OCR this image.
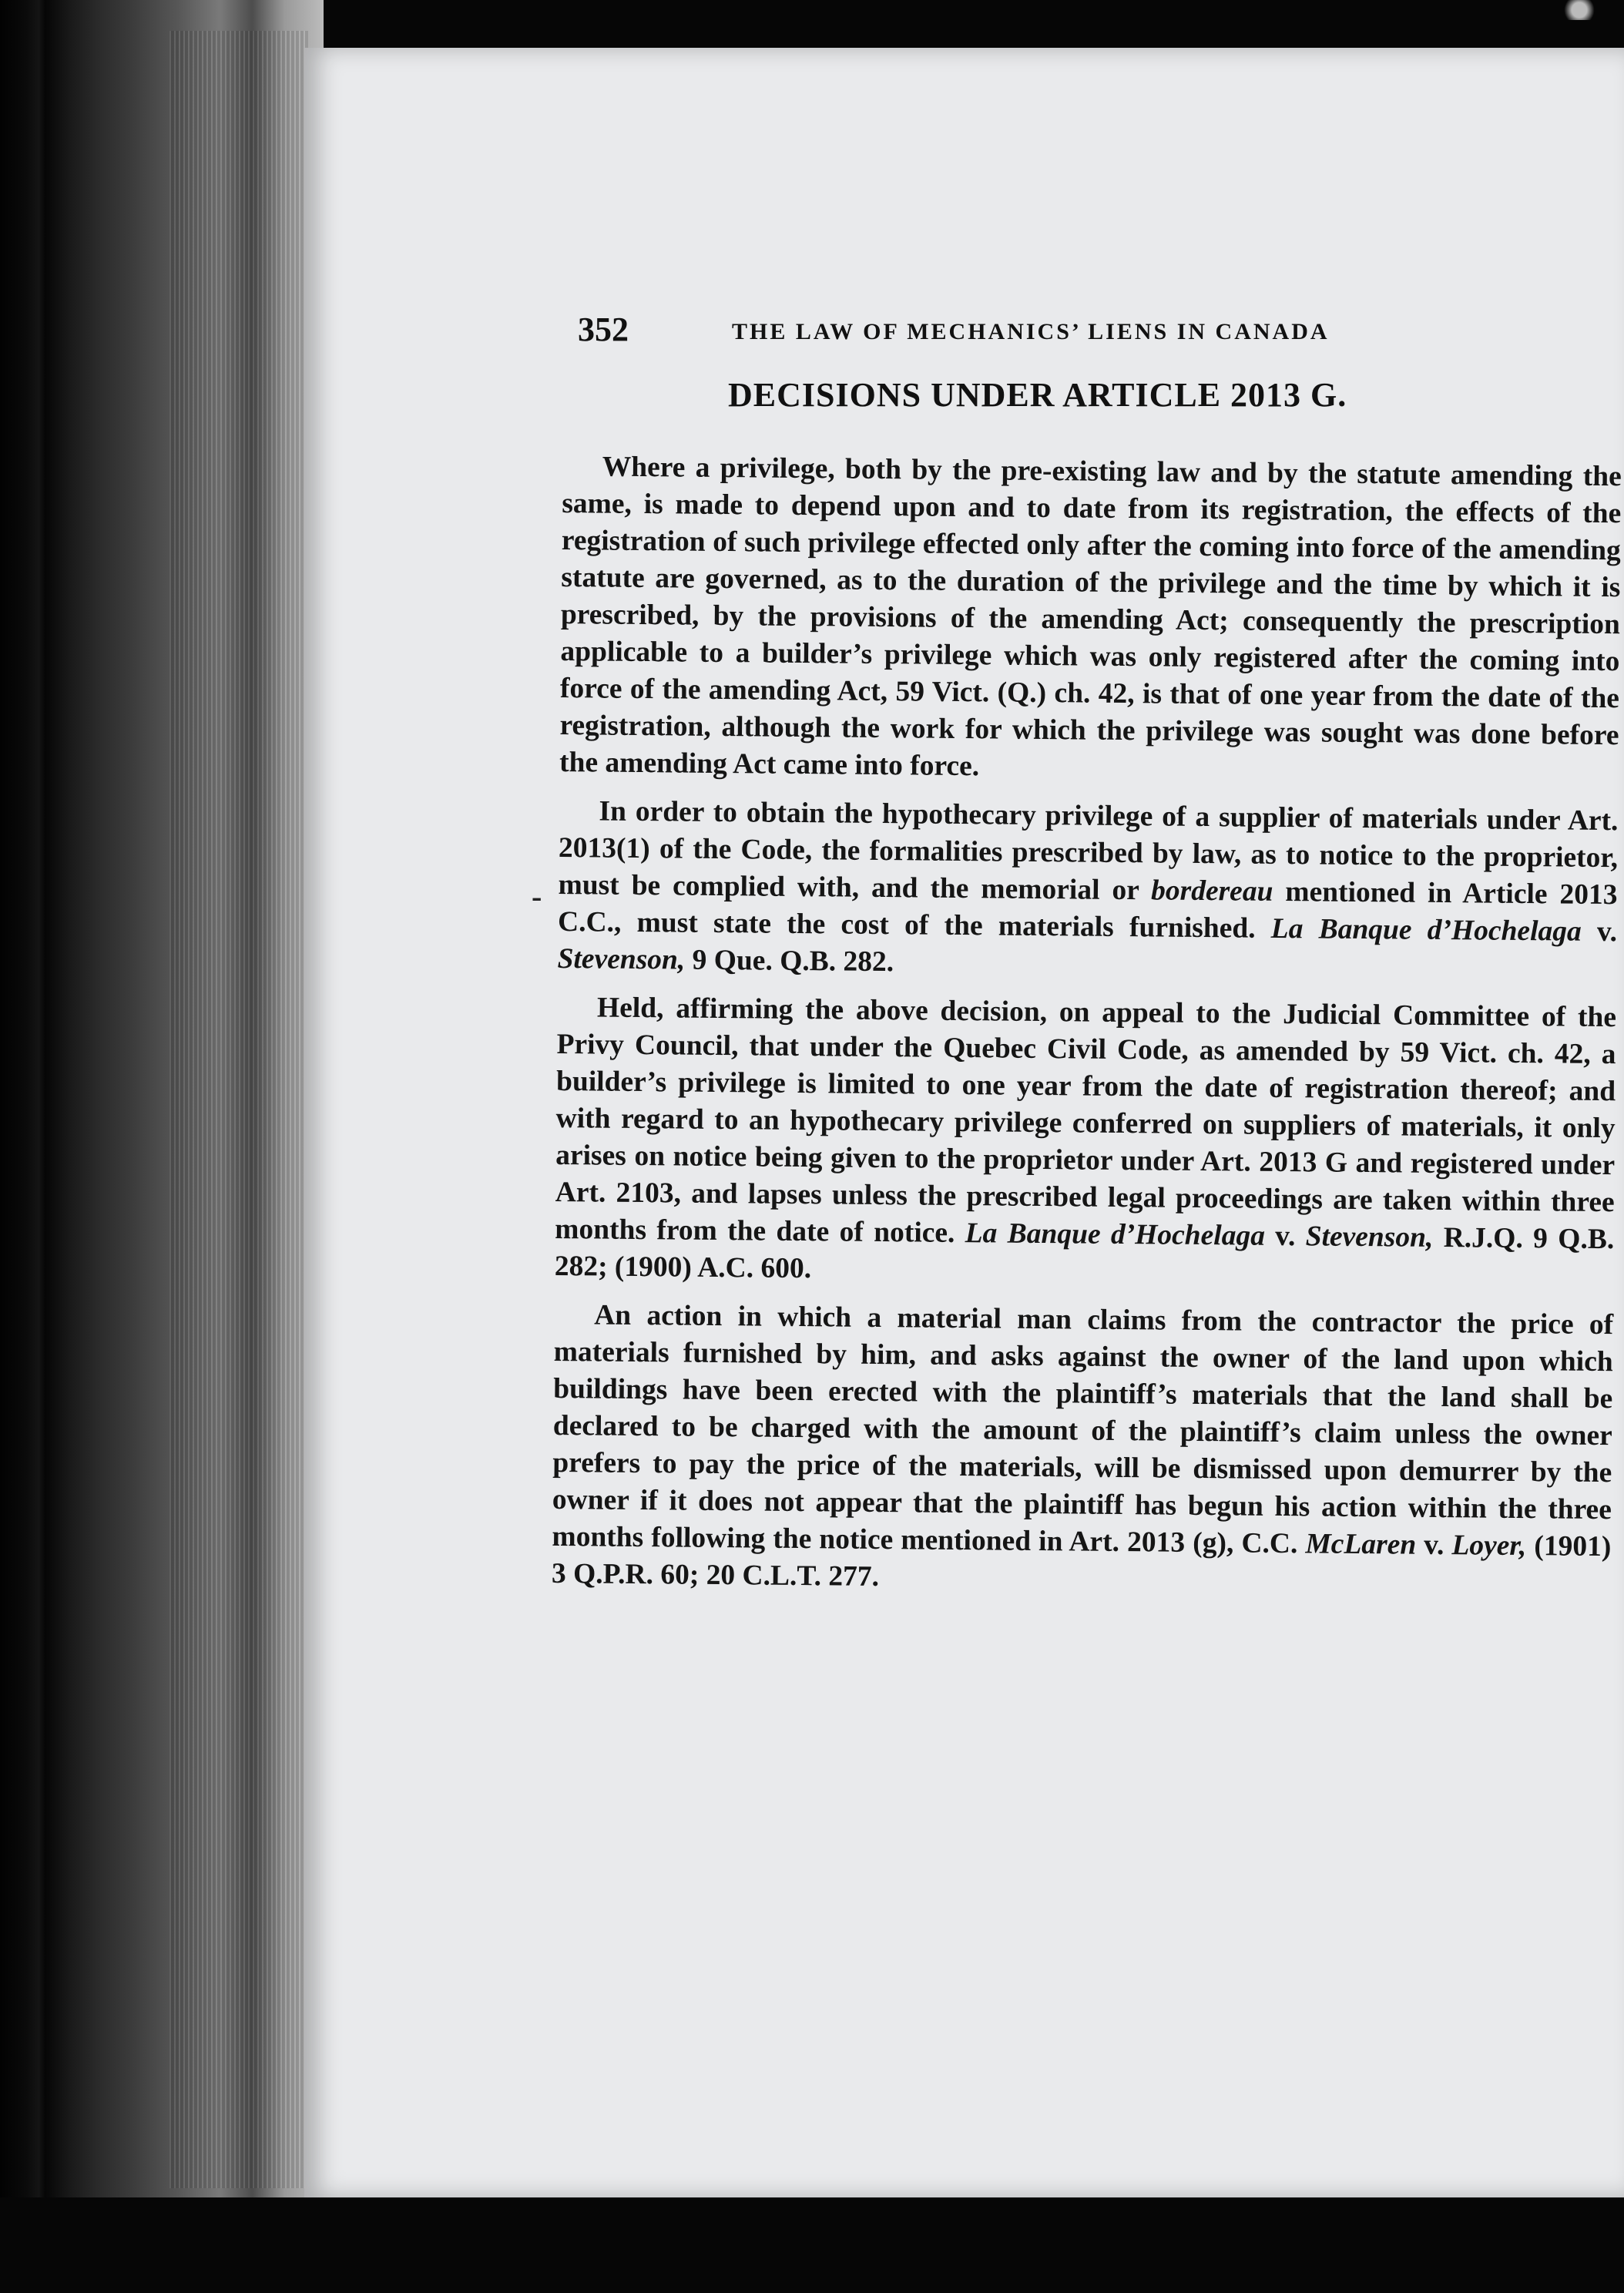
352	THE LAW OF MECHANICS’ LIENS IN CANADA
DECISIONS UNDER ARTICLE 2013 G.

Where a privilege, both by the pre-existing law and by the statute amending the same, is made to depend upon and to date from its registration, the effects of the registration of such privilege effected only after the coming into force of the amending statute are governed, as to the duration of the privilege and the time by which it is prescribed, by the provisions of the amending Act; consequently the prescription applicable to a builder’s privilege which was only registered after the coming into force of the amending Act, 59 Vict. (Q.) ch. 42, is that of one year from the date of the registration, although the work for which the privilege was sought was done before the amending Act came into force.

In order to obtain the hypothecary privilege of a supplier of materials under Art. 2013(1) of the Code, the formalities prescribed by law, as to notice to the proprietor, must be complied with, and the memorial or bordereau mentioned in Article 2013 C.C., must state the cost of the materials furnished. La Banque d’Hochelaga v. Stevenson, 9 Que. Q.B. 282.

Held, affirming the above decision, on appeal to the Judicial Committee of the Privy Council, that under the Quebec Civil Code, as amended by 59 Vict. ch. 42, a builder’s privilege is limited to one year from the date of registration thereof; and with regard to an hypothecary privilege conferred on suppliers of materials, it only arises on notice being given to the proprietor under Art. 2013 G and registered under Art. 2103, and lapses unless the prescribed legal proceedings are taken within three months from the date of notice. La Banque d’Hochelaga v. Stevenson, R.J.Q. 9 Q.B. 282; (1900) A.C. 600.

An action in which a material man claims from the contractor the price of materials furnished by him, and asks against the owner of the land upon which buildings have been erected with the plaintiff’s materials that the land shall be declared to be charged with the amount of the plaintiff’s claim unless the owner prefers to pay the price of the materials, will be dismissed upon demurrer by the owner if it does not appear that the plaintiff has begun his action within the three months following the notice mentioned in Art. 2013 (g), C.C. McLaren v. Loyer, (1901) 3 Q.P.R. 60; 20 C.L.T. 277.

-
